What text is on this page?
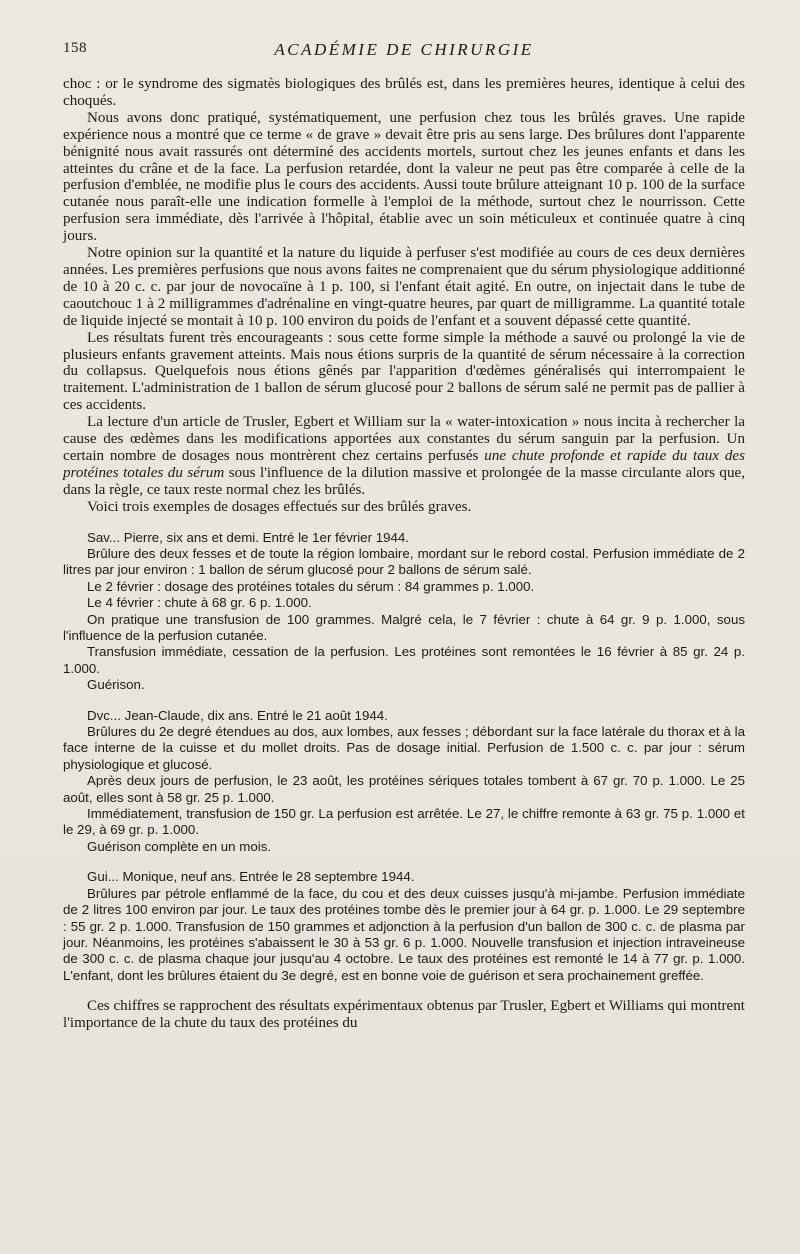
158	ACADÉMIE DE CHIRURGIE

choc : or le syndrome des sigmatès biologiques des brûlés est, dans les premières heures, identique à celui des choqués.

Nous avons donc pratiqué, systématiquement, une perfusion chez tous les brûlés graves. Une rapide expérience nous a montré que ce terme « de grave » devait être pris au sens large. Des brûlures dont l'apparente bénignité nous avait rassurés ont déterminé des accidents mortels, surtout chez les jeunes enfants et dans les atteintes du crâne et de la face. La perfusion retardée, dont la valeur ne peut pas être comparée à celle de la perfusion d'emblée, ne modifie plus le cours des accidents. Aussi toute brûlure atteignant 10 p. 100 de la surface cutanée nous paraît-elle une indication formelle à l'emploi de la méthode, surtout chez le nourrisson. Cette perfusion sera immédiate, dès l'arrivée à l'hôpital, établie avec un soin méticuleux et continuée quatre à cinq jours.

Notre opinion sur la quantité et la nature du liquide à perfuser s'est modifiée au cours de ces deux dernières années. Les premières perfusions que nous avons faites ne comprenaient que du sérum physiologique additionné de 10 à 20 c. c. par jour de novocaïne à 1 p. 100, si l'enfant était agité. En outre, on injectait dans le tube de caoutchouc 1 à 2 milligrammes d'adrénaline en vingt-quatre heures, par quart de milligramme. La quantité totale de liquide injecté se montait à 10 p. 100 environ du poids de l'enfant et a souvent dépassé cette quantité.

Les résultats furent très encourageants : sous cette forme simple la méthode a sauvé ou prolongé la vie de plusieurs enfants gravement atteints. Mais nous étions surpris de la quantité de sérum nécessaire à la correction du collapsus. Quelquefois nous étions gênés par l'apparition d'œdèmes généralisés qui interrompaient le traitement. L'administration de 1 ballon de sérum glucosé pour 2 ballons de sérum salé ne permit pas de pallier à ces accidents.

La lecture d'un article de Trusler, Egbert et William sur la « water-intoxication » nous incita à rechercher la cause des œdèmes dans les modifications apportées aux constantes du sérum sanguin par la perfusion. Un certain nombre de dosages nous montrèrent chez certains perfusés une chute profonde et rapide du taux des protéines totales du sérum sous l'influence de la dilution massive et prolongée de la masse circulante alors que, dans la règle, ce taux reste normal chez les brûlés.

Voici trois exemples de dosages effectués sur des brûlés graves.

Sav... Pierre, six ans et demi. Entré le 1er février 1944.

Brûlure des deux fesses et de toute la région lombaire, mordant sur le rebord costal. Perfusion immédiate de 2 litres par jour environ : 1 ballon de sérum glucosé pour 2 ballons de sérum salé.

Le 2 février : dosage des protéines totales du sérum : 84 grammes p. 1.000.

Le 4 février : chute à 68 gr. 6 p. 1.000.

On pratique une transfusion de 100 grammes. Malgré cela, le 7 février : chute à 64 gr. 9 p. 1.000, sous l'influence de la perfusion cutanée.

Transfusion immédiate, cessation de la perfusion. Les protéines sont remontées le 16 février à 85 gr. 24 p. 1.000.

Guérison.

Dvc... Jean-Claude, dix ans. Entré le 21 août 1944.

Brûlures du 2e degré étendues au dos, aux lombes, aux fesses ; débordant sur la face latérale du thorax et à la face interne de la cuisse et du mollet droits. Pas de dosage initial. Perfusion de 1.500 c. c. par jour : sérum physiologique et glucosé.

Après deux jours de perfusion, le 23 août, les protéines sériques totales tombent à 67 gr. 70 p. 1.000. Le 25 août, elles sont à 58 gr. 25 p. 1.000.

Immédiatement, transfusion de 150 gr. La perfusion est arrêtée. Le 27, le chiffre remonte à 63 gr. 75 p. 1.000 et le 29, à 69 gr. p. 1.000.

Guérison complète en un mois.

Gui... Monique, neuf ans. Entrée le 28 septembre 1944.

Brûlures par pétrole enflammé de la face, du cou et des deux cuisses jusqu'à mi-jambe. Perfusion immédiate de 2 litres 100 environ par jour. Le taux des protéines tombe dès le premier jour à 64 gr. p. 1.000. Le 29 septembre : 55 gr. 2 p. 1.000. Transfusion de 150 grammes et adjonction à la perfusion d'un ballon de 300 c. c. de plasma par jour. Néanmoins, les protéines s'abaissent le 30 à 53 gr. 6 p. 1.000. Nouvelle transfusion et injection intraveineuse de 300 c. c. de plasma chaque jour jusqu'au 4 octobre. Le taux des protéines est remonté le 14 à 77 gr. p. 1.000. L'enfant, dont les brûlures étaient du 3e degré, est en bonne voie de guérison et sera prochainement greffée.

Ces chiffres se rapprochent des résultats expérimentaux obtenus par Trusler, Egbert et Williams qui montrent l'importance de la chute du taux des protéines du
